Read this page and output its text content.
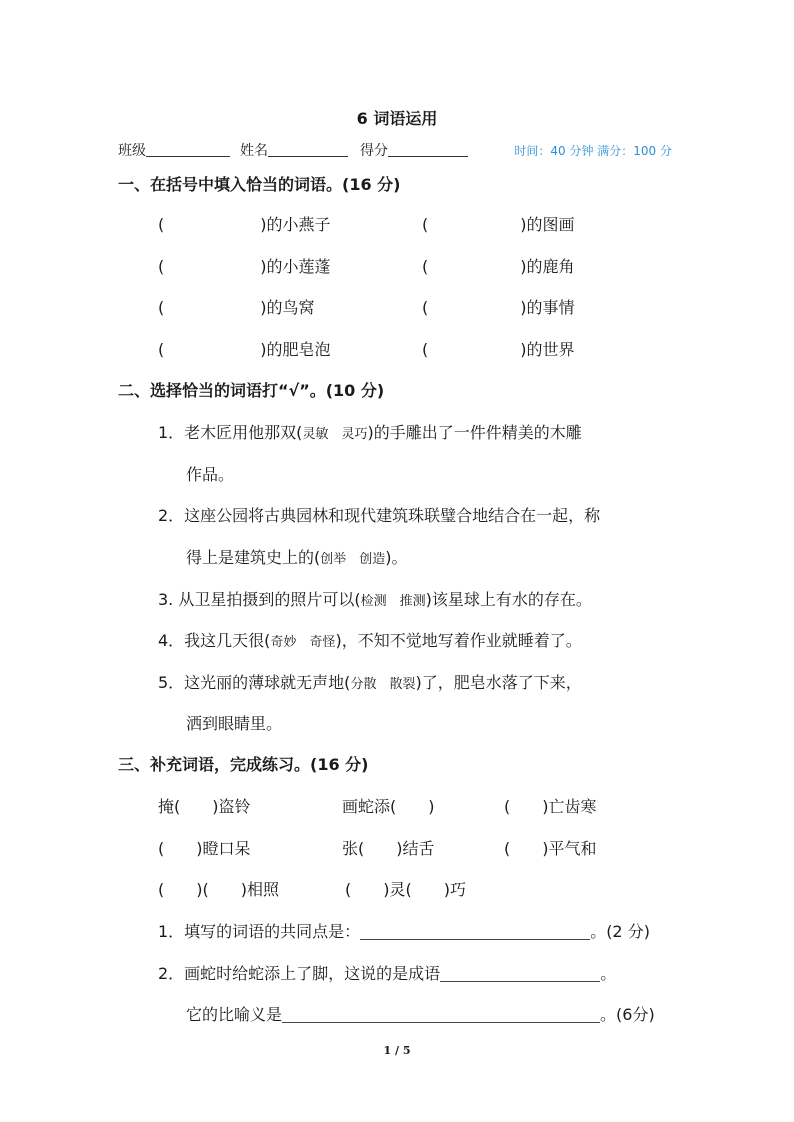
6 词语运用
班级	姓名	得分	时间：40 分钟 满分：100 分
一、在括号中填入恰当的词语。(16 分)
(	)的小燕子	(	)的图画
(	)的小莲蓬	(	)的鹿角
(	)的鸟窝	(	)的事情
(	)的肥皂泡	(	)的世界
二、选择恰当的词语打“√”。(10 分)
1．老木匠用他那双(灵敏　灵巧)的手雕出了一件件精美的木雕
作品。
2．这座公园将古典园林和现代建筑珠联璧合地结合在一起，称
得上是建筑史上的(创举　创造)。
3. 从卫星拍摄到的照片可以(检测　推测)该星球上有水的存在。
4．我这几天很(奇妙　奇怪)，不知不觉地写着作业就睡着了。
5．这光丽的薄球就无声地(分散　散裂)了，肥皂水落了下来，
洒到眼睛里。
三、补充词语，完成练习。(16 分)
掩(　　)盗铃	画蛇添(　　)	(　　)亡齿寒
(　　)瞪口呆	张(　　)结舌	(　　)平气和
(　　)(　　)相照	(　　)灵(　　)巧
1．填写的词语的共同点是：	。(2 分)
2．画蛇时给蛇添上了脚，这说的是成语	。
它的比喻义是	。(6分)
1 / 5
